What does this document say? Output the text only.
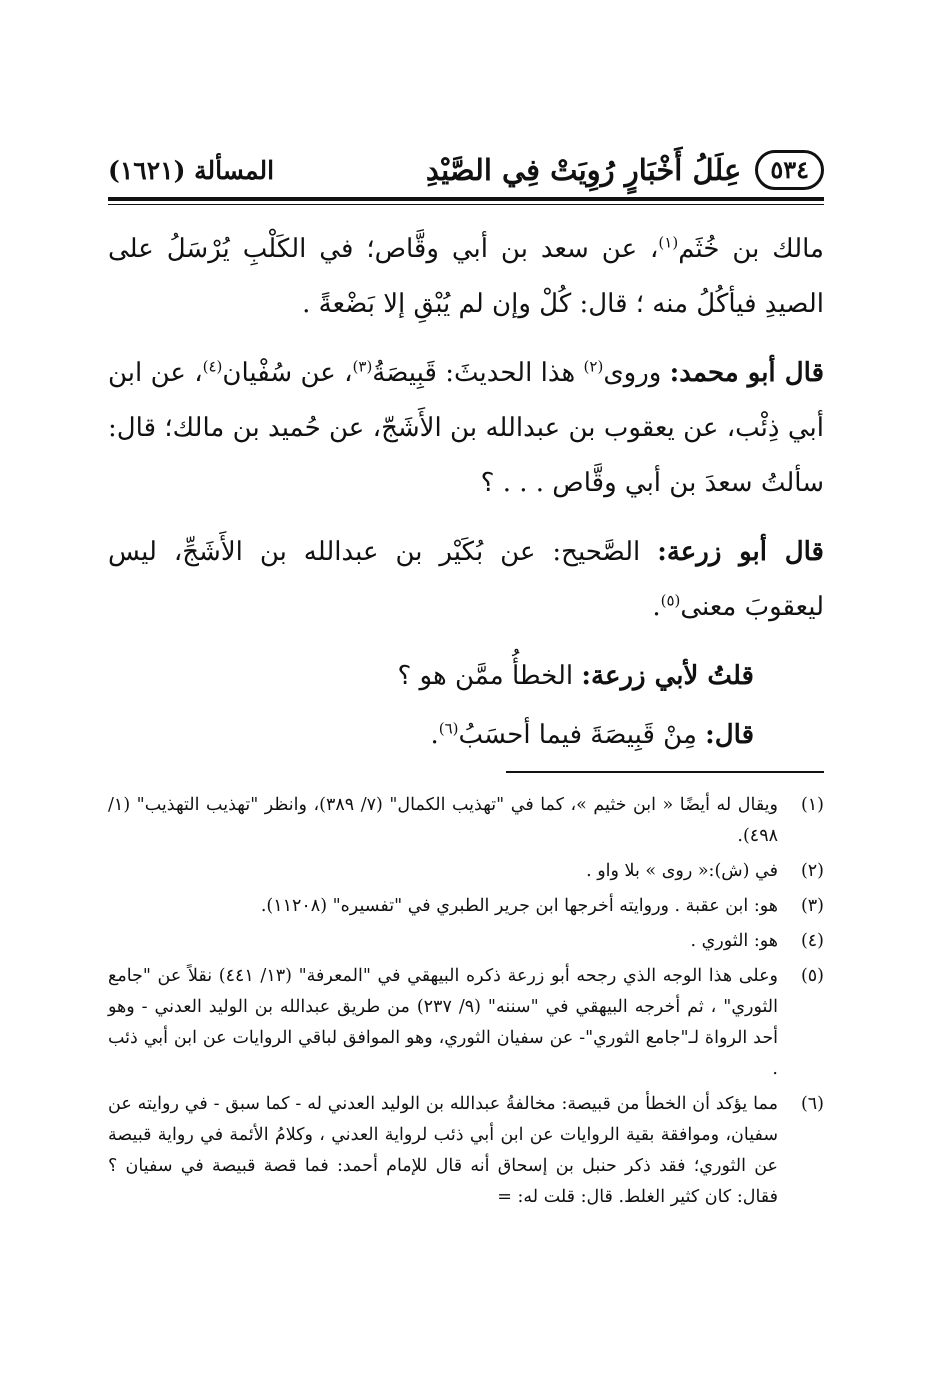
٥٣٤
عِلَلُ أَخْبَارٍ رُوِيَتْ فِي الصَّيْدِ
المسألة (١٦٢١)

مالك بن خُثَم$^{(١)}$، عن سعد بن أبي وقَّاص؛ في الكَلْبِ يُرْسَلُ على الصيدِ فيأكُلُ منه ؛ قال: كُلْ وإن لم يُبْقِ إلا بَضْعةً .

قال أبو محمد: وروى$^{(٢)}$ هذا الحديثَ: قَبِيصَةُ$^{(٣)}$، عن سُفْيان$^{(٤)}$، عن ابن أبي ذِئْب، عن يعقوب بن عبدالله بن الأَشَجّ، عن حُميد بن مالك؛ قال: سألتُ سعدَ بن أبي وقَّاص . . . ؟

قال أبو زرعة: الصَّحيح: عن بُكَيْر بن عبدالله بن الأَشَجِّ، ليس ليعقوبَ معنى$^{(٥)}$.

قلتُ لأبي زرعة: الخطأُ ممَّن هو ؟

قال: مِنْ قَبِيصَةَ فيما أحسَبُ$^{(٦)}$.

(١)
ويقال له أيضًا « ابن خثيم »، كما في "تهذيب الكمال" (٧/ ٣٨٩)، وانظر "تهذيب التهذيب" (١/ ٤٩٨).
(٢)
في (ش):« روى » بلا واو .
(٣)
هو: ابن عقبة . وروايته أخرجها ابن جرير الطبري في "تفسيره" (١١٢٠٨).
(٤)
هو: الثوري .
(٥)
وعلى هذا الوجه الذي رجحه أبو زرعة ذكره البيهقي في "المعرفة" (١٣/ ٤٤١) نقلاً عن "جامع الثوري" ، ثم أخرجه البيهقي في "سننه" (٩/ ٢٣٧) من طريق عبدالله بن الوليد العدني - وهو أحد الرواة لـ"جامع الثوري"- عن سفيان الثوري، وهو الموافق لباقي الروايات عن ابن أبي ذئب .
(٦)
مما يؤكد أن الخطأ من قبيصة: مخالفةُ عبدالله بن الوليد العدني له - كما سبق - في روايته عن سفيان، وموافقة بقية الروايات عن ابن أبي ذئب لرواية العدني ، وكلامُ الأئمة في رواية قبيصة عن الثوري؛ فقد ذكر حنبل بن إسحاق أنه قال للإمام أحمد: فما قصة قبيصة في سفيان ؟ فقال: كان كثير الغلط. قال: قلت له: =
